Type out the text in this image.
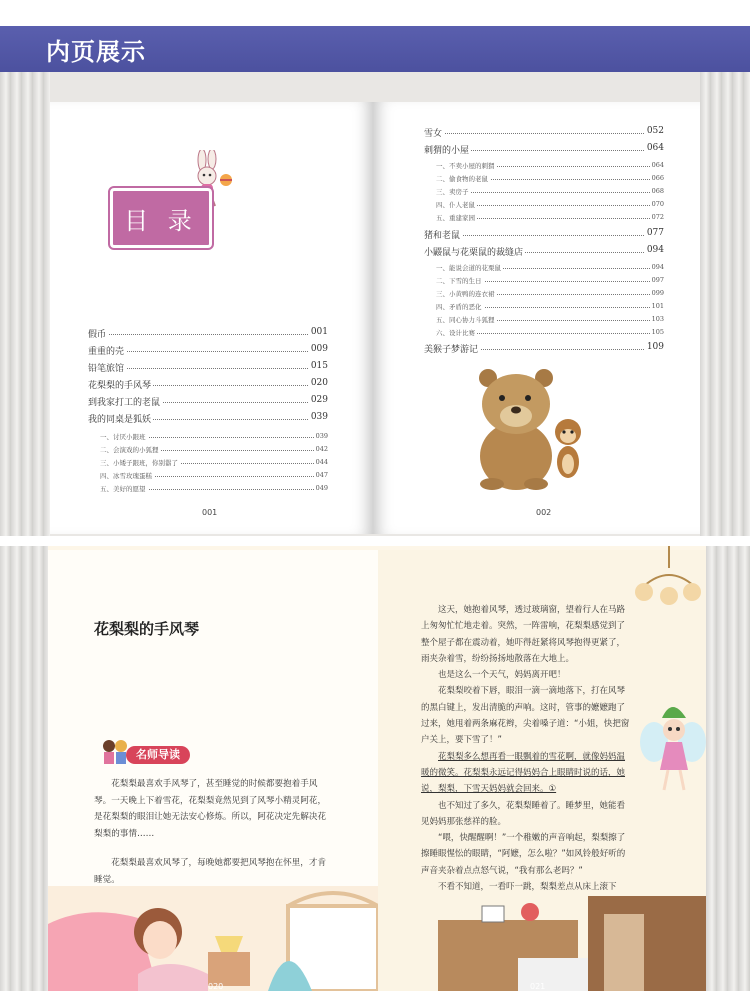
内页展示
目 录
假币	001
重重的壳	009
铅笔旅馆	015
花梨梨的手风琴	020
到我家打工的老鼠	029
我的同桌是狐妖	039
一、讨厌小跟班	039
二、会演戏的小狐狸	042
三、小矮子跟班，你别嚣了	044
四、冰雪玫瑰蛋糕	047
五、美好的愿望	049
001
雪女	052
刺猬的小屋	064
一、不卖小屋的刺猬	064
二、偷食物的老鼠	066
三、卖房子	068
四、仆人老鼠	070
五、重建家园	072
猪和老鼠	077
小鼹鼠与花栗鼠的裁缝店	094
一、能说会道的花栗鼠	094
二、下雪的生日	097
三、小黄鸭的连衣裙	099
四、矛盾的恶化	101
五、同心协力斗狐狸	103
六、设计比赛	105
美猴子梦游记	109
002
020	021
花梨梨的手风琴
名师导读
花梨梨最喜欢手风琴了，甚至睡觉的时候都要抱着手风琴。一天晚上下着雪花，花梨梨竟然见到了风琴小精灵阿花，是花梨梨的眼泪让她无法安心修炼。所以，阿花决定先解决花梨梨的事情……
花梨梨最喜欢风琴了，每晚她都要把风琴抱在怀里，才肯睡觉。

这天，她抱着风琴，透过玻璃窗，望着行人在马路上匆匆忙忙地走着。突然，一阵雷响，花梨梨感觉到了整个屋子都在震动着，她吓得赶紧将风琴抱得更紧了，雨夹杂着雪，纷纷扬扬地散落在大地上。

也是这么一个天气，妈妈离开吧！

花梨梨咬着下唇，眼泪一滴一滴地落下，打在风琴的黑白键上，发出清脆的声响。这时，管事的嬷嬷跑了过来，她甩着两条麻花辫，尖着嗓子道：“小姐，快把窗户关上，要下雪了！”

花梨梨多么想再看一眼飘着的雪花啊，就像妈妈温暖的微笑。花梨梨永远记得妈妈合上眼睛时说的话，她说，梨梨，下雪天妈妈就会回来。①

也不知过了多久，花梨梨睡着了。睡梦里，她能看见妈妈那张慈祥的脸。

“喂，快醒醒啊！”一个稚嫩的声音响起，梨梨擦了擦睡眼惺忪的眼睛，“阿嬷，怎么啦？”如风铃般好听的声音夹杂着点点怒气说，“我有那么老吗？”

不看不知道，一看吓一跳，梨梨差点从床上滚下
